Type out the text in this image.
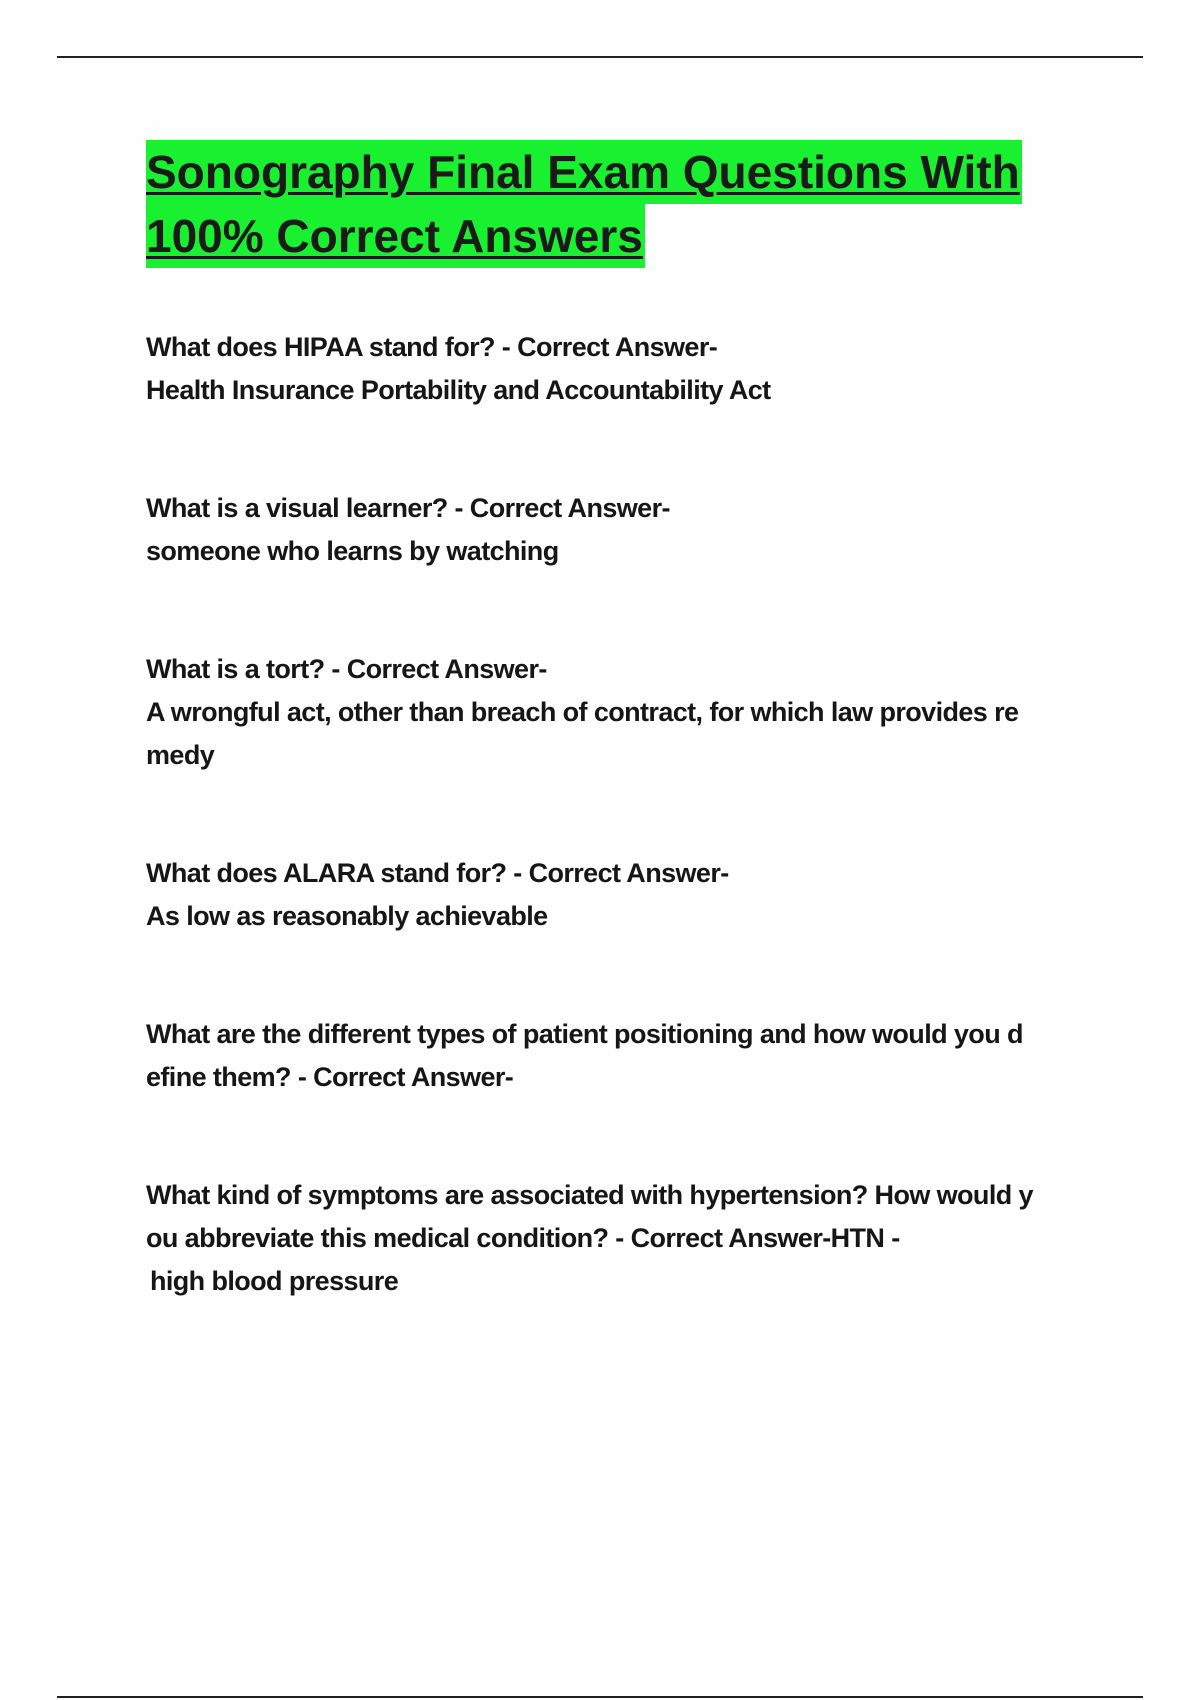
Sonography Final Exam Questions With
100% Correct Answers

What does HIPAA stand for? - Correct Answer-

Health Insurance Portability and Accountability Act

What is a visual learner? - Correct Answer-

someone who learns by watching

What is a tort? - Correct Answer-

A wrongful act, other than breach of contract, for which law provides re

medy

What does ALARA stand for? - Correct Answer-

As low as reasonably achievable

What are the different types of patient positioning and how would you d

efine them? - Correct Answer-

What kind of symptoms are associated with hypertension? How would y

ou abbreviate this medical condition? - Correct Answer-HTN -

high blood pressure
